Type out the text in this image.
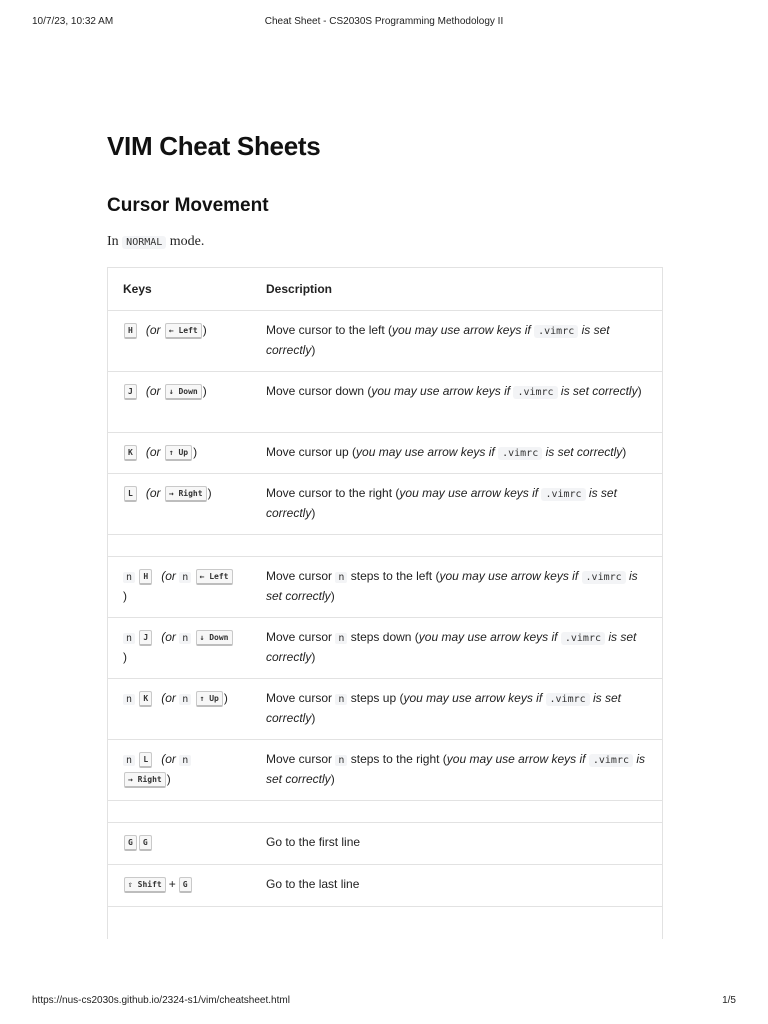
10/7/23, 10:32 AM	Cheat Sheet - CS2030S Programming Methodology II
VIM Cheat Sheets
Cursor Movement

In NORMAL mode.

Keys	Description
H (or ← Left )	Move cursor to the left (you may use arrow keys if .vimrc is set correctly)
J (or ↓ Down )	Move cursor down (you may use arrow keys if .vimrc is set correctly)
K (or ↑ Up )	Move cursor up (you may use arrow keys if .vimrc is set correctly)
L (or → Right )	Move cursor to the right (you may use arrow keys if .vimrc is set correctly)

n H (or n ← Left)	Move cursor n steps to the left (you may use arrow keys if .vimrc is set correctly)
n J (or n ↓ Down)	Move cursor n steps down (you may use arrow keys if .vimrc is set correctly)
n K (or n ↑ Up )	Move cursor n steps up (you may use arrow keys if .vimrc is set correctly)
n L (or n → Right )	Move cursor n steps to the right (you may use arrow keys if .vimrc is set correctly)

G G	Go to the first line
⇧ Shift + G	Go to the last line
https://nus-cs2030s.github.io/2324-s1/vim/cheatsheet.html	1/5
